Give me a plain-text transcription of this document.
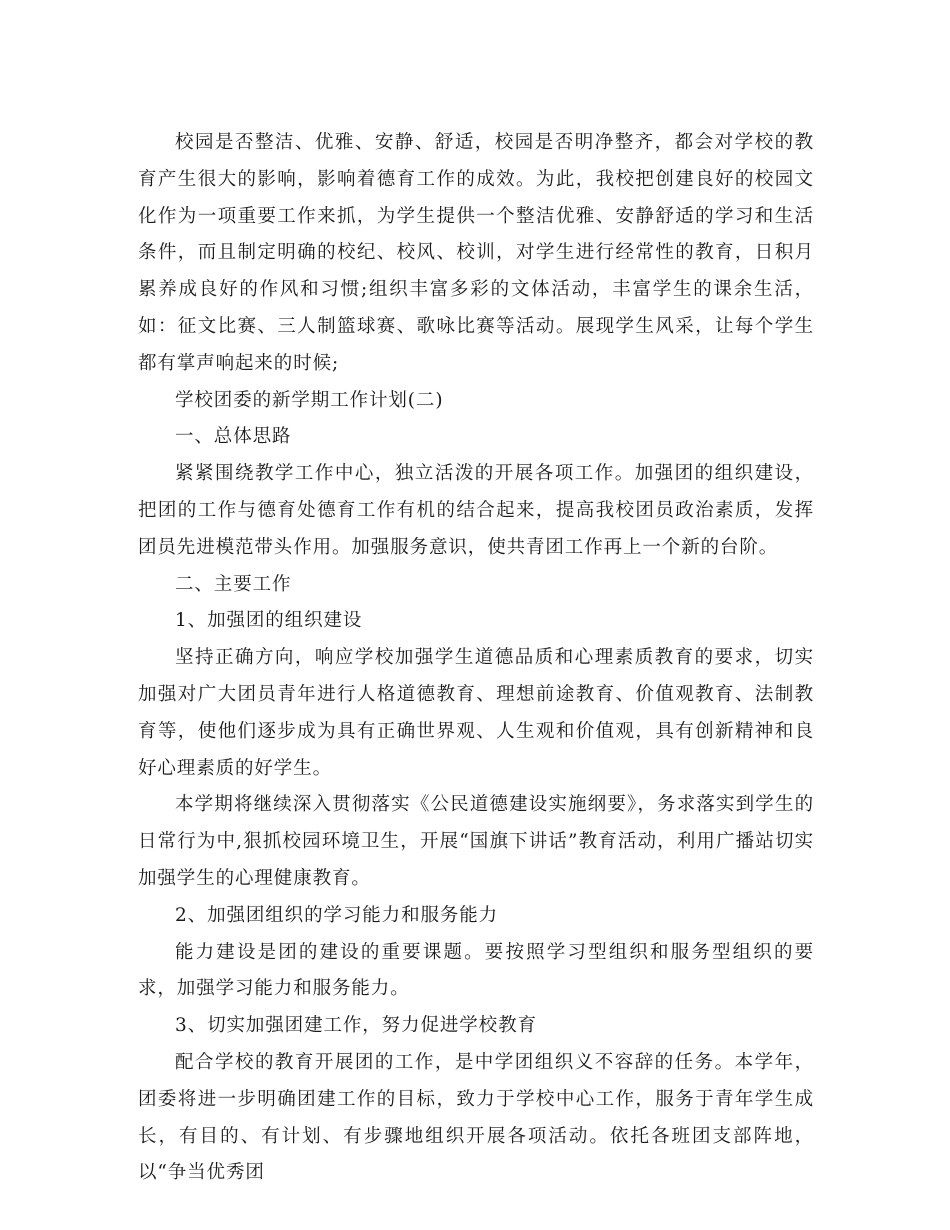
校园是否整洁、优雅、安静、舒适，校园是否明净整齐，都会对学校的教育产生很大的影响，影响着德育工作的成效。为此，我校把创建良好的校园文化作为一项重要工作来抓，为学生提供一个整洁优雅、安静舒适的学习和生活条件，而且制定明确的校纪、校风、校训，对学生进行经常性的教育，日积月累养成良好的作风和习惯;组织丰富多彩的文体活动，丰富学生的课余生活，如：征文比赛、三人制篮球赛、歌咏比赛等活动。展现学生风采，让每个学生都有掌声响起来的时候;

学校团委的新学期工作计划(二)

一、总体思路

紧紧围绕教学工作中心，独立活泼的开展各项工作。加强团的组织建设，把团的工作与德育处德育工作有机的结合起来，提高我校团员政治素质，发挥团员先进模范带头作用。加强服务意识，使共青团工作再上一个新的台阶。

二、主要工作

1、加强团的组织建设

坚持正确方向，响应学校加强学生道德品质和心理素质教育的要求，切实加强对广大团员青年进行人格道德教育、理想前途教育、价值观教育、法制教育等，使他们逐步成为具有正确世界观、人生观和价值观，具有创新精神和良好心理素质的好学生。

本学期将继续深入贯彻落实《公民道德建设实施纲要》，务求落实到学生的日常行为中,狠抓校园环境卫生，开展“国旗下讲话”教育活动，利用广播站切实加强学生的心理健康教育。

2、加强团组织的学习能力和服务能力

能力建设是团的建设的重要课题。要按照学习型组织和服务型组织的要求，加强学习能力和服务能力。

3、切实加强团建工作，努力促进学校教育

配合学校的教育开展团的工作，是中学团组织义不容辞的任务。本学年，团委将进一步明确团建工作的目标，致力于学校中心工作，服务于青年学生成长，有目的、有计划、有步骤地组织开展各项活动。依托各班团支部阵地，以“争当优秀团
